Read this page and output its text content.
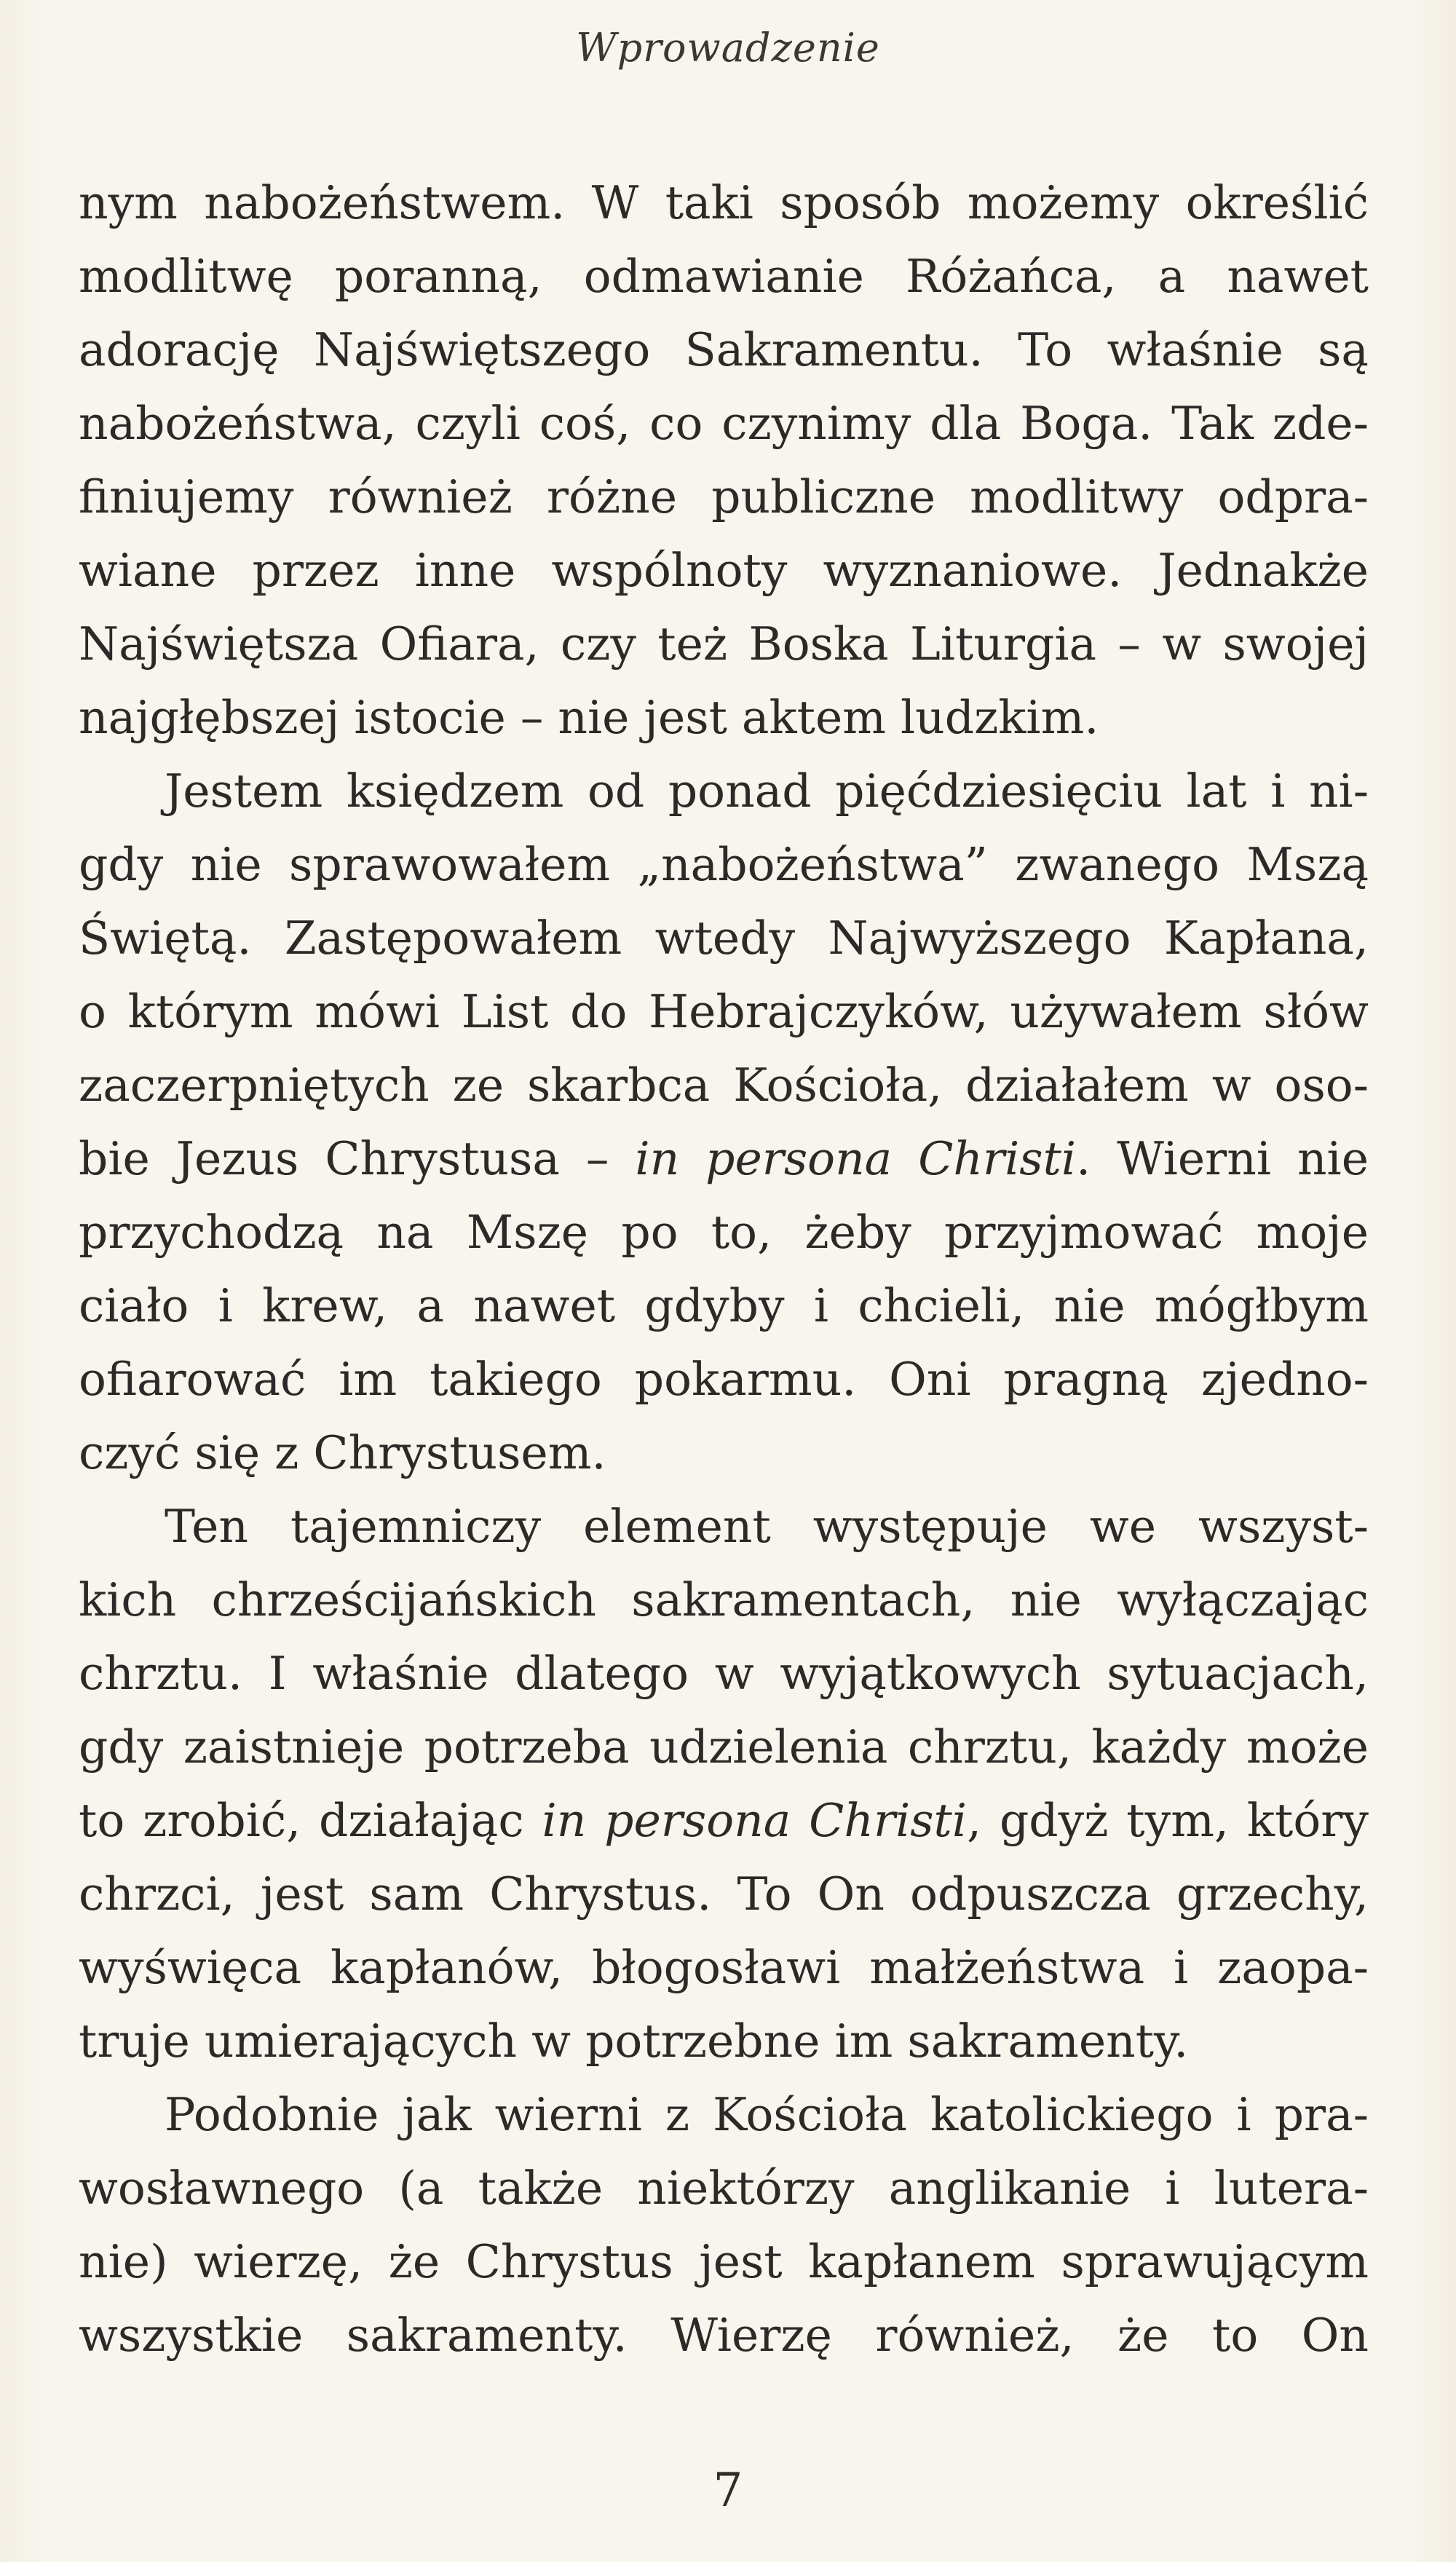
Wprowadzenie
nym nabożeństwem. W taki sposób możemy określić
modlitwę poranną, odmawianie Różańca, a nawet
adorację Najświętszego Sakramentu. To właśnie są
nabożeństwa, czyli coś, co czynimy dla Boga. Tak zde-
finiujemy również różne publiczne modlitwy odpra-
wiane przez inne wspólnoty wyznaniowe. Jednakże
Najświętsza Ofiara, czy też Boska Liturgia – w swojej
najgłębszej istocie – nie jest aktem ludzkim.
Jestem księdzem od ponad pięćdziesięciu lat i ni-
gdy nie sprawowałem „nabożeństwa” zwanego Mszą
Świętą. Zastępowałem wtedy Najwyższego Kapłana,
o którym mówi List do Hebrajczyków, używałem słów
zaczerpniętych ze skarbca Kościoła, działałem w oso-
bie Jezus Chrystusa – in persona Christi. Wierni nie
przychodzą na Mszę po to, żeby przyjmować moje
ciało i krew, a nawet gdyby i chcieli, nie mógłbym
ofiarować im takiego pokarmu. Oni pragną zjedno-
czyć się z Chrystusem.
Ten tajemniczy element występuje we wszyst-
kich chrześcijańskich sakramentach, nie wyłączając
chrztu. I właśnie dlatego w wyjątkowych sytuacjach,
gdy zaistnieje potrzeba udzielenia chrztu, każdy może
to zrobić, działając in persona Christi, gdyż tym, który
chrzci, jest sam Chrystus. To On odpuszcza grzechy,
wyświęca kapłanów, błogosławi małżeństwa i zaopa-
truje umierających w potrzebne im sakramenty.
Podobnie jak wierni z Kościoła katolickiego i pra-
wosławnego (a także niektórzy anglikanie i lutera-
nie) wierzę, że Chrystus jest kapłanem sprawującym
wszystkie sakramenty. Wierzę również, że to On
7
